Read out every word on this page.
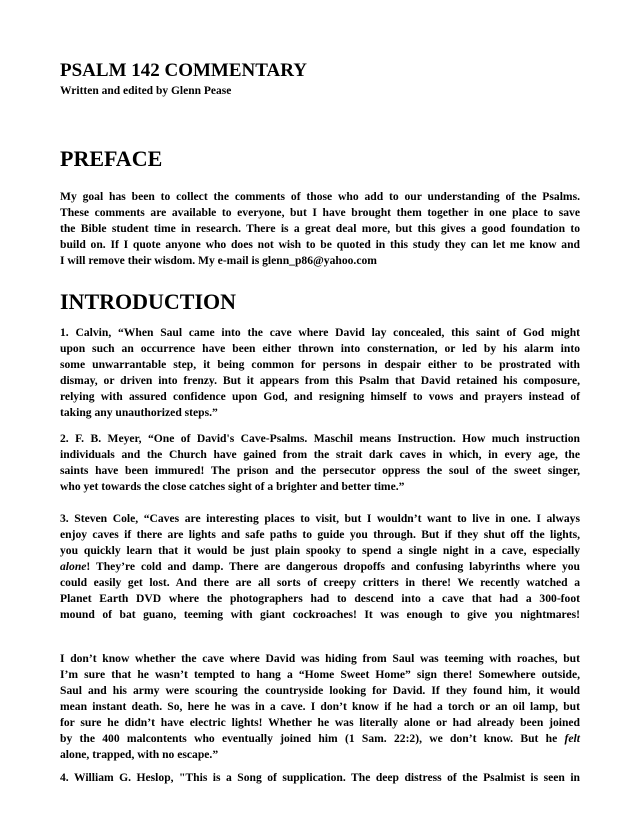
PSALM 142 COMMENTARY
Written and edited by Glenn Pease
PREFACE
My goal has been to collect the comments of those who add to our understanding of the Psalms.
These comments are available to everyone, but I have brought them together in one place to save
the Bible student time in research. There is a great deal more, but this gives a good foundation to
build on. If I quote anyone who does not wish to be quoted in this study they can let me know and
I will remove their wisdom. My e-mail is glenn_p86@yahoo.com
INTRODUCTION
1. Calvin, “When Saul came into the cave where David lay concealed, this saint of God might
upon such an occurrence have been either thrown into consternation, or led by his alarm into
some unwarrantable step, it being common for persons in despair either to be prostrated with
dismay, or driven into frenzy. But it appears from this Psalm that David retained his composure,
relying with assured confidence upon God, and resigning himself to vows and prayers instead of
taking any unauthorized steps.”
2. F. B. Meyer, “One of David's Cave-Psalms. Maschil means Instruction. How much instruction
individuals and the Church have gained from the strait dark caves in which, in every age, the
saints have been immured! The prison and the persecutor oppress the soul of the sweet singer,
who yet towards the close catches sight of a brighter and better time.”
3. Steven Cole, “Caves are interesting places to visit, but I wouldn’t want to live in one. I always
enjoy caves if there are lights and safe paths to guide you through. But if they shut off the lights,
you quickly learn that it would be just plain spooky to spend a single night in a cave, especially
alone! They’re cold and damp. There are dangerous dropoffs and confusing labyrinths where you
could easily get lost. And there are all sorts of creepy critters in there! We recently watched a
Planet Earth DVD where the photographers had to descend into a cave that had a 300-foot
mound of bat guano, teeming with giant cockroaches! It was enough to give you nightmares!
I don’t know whether the cave where David was hiding from Saul was teeming with roaches, but
I’m sure that he wasn’t tempted to hang a “Home Sweet Home” sign there! Somewhere outside,
Saul and his army were scouring the countryside looking for David. If they found him, it would
mean instant death. So, here he was in a cave. I don’t know if he had a torch or an oil lamp, but
for sure he didn’t have electric lights! Whether he was literally alone or had already been joined
by the 400 malcontents who eventually joined him (1 Sam. 22:2), we don’t know. But he felt
alone, trapped, with no escape.”
4. William G. Heslop, "This is a Song of supplication. The deep distress of the Psalmist is seen in
